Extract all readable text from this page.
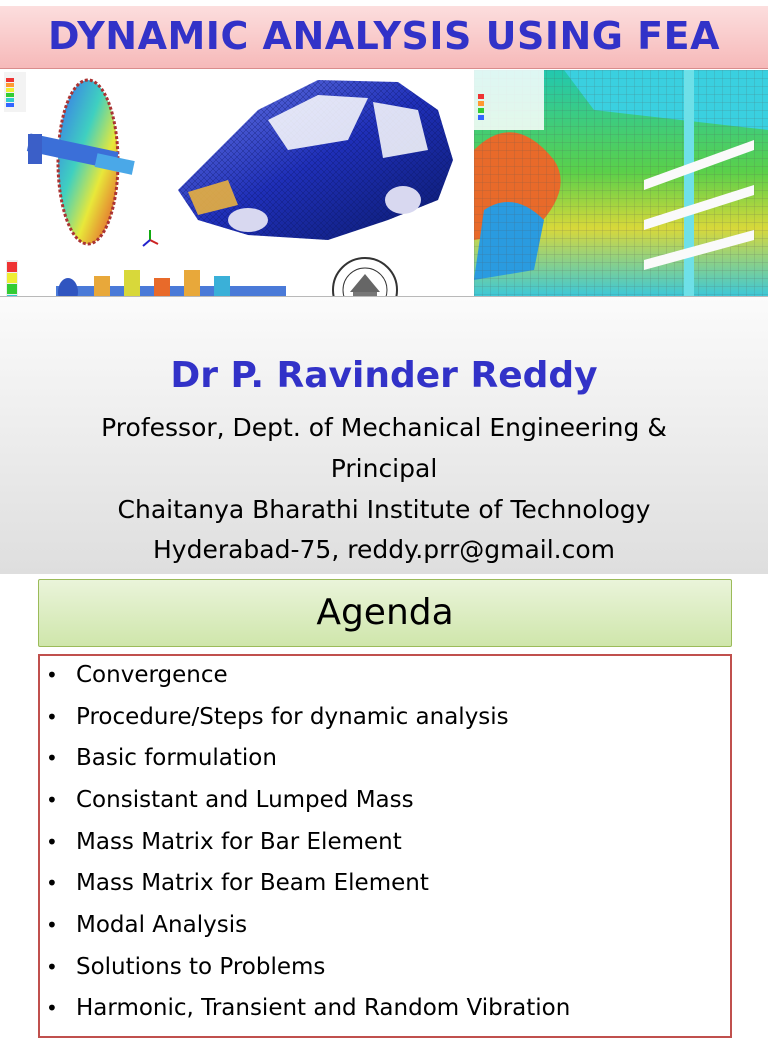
DYNAMIC ANALYSIS USING FEA
Dr P. Ravinder Reddy
Professor, Dept. of Mechanical Engineering &
Principal
Chaitanya Bharathi Institute of Technology
Hyderabad-75, reddy.prr@gmail.com
Agenda
• Convergence
• Procedure/Steps for dynamic analysis
• Basic formulation
• Consistant and Lumped Mass
• Mass Matrix for Bar Element
• Mass Matrix for Beam Element
• Modal Analysis
• Solutions to Problems
• Harmonic, Transient and Random Vibration
